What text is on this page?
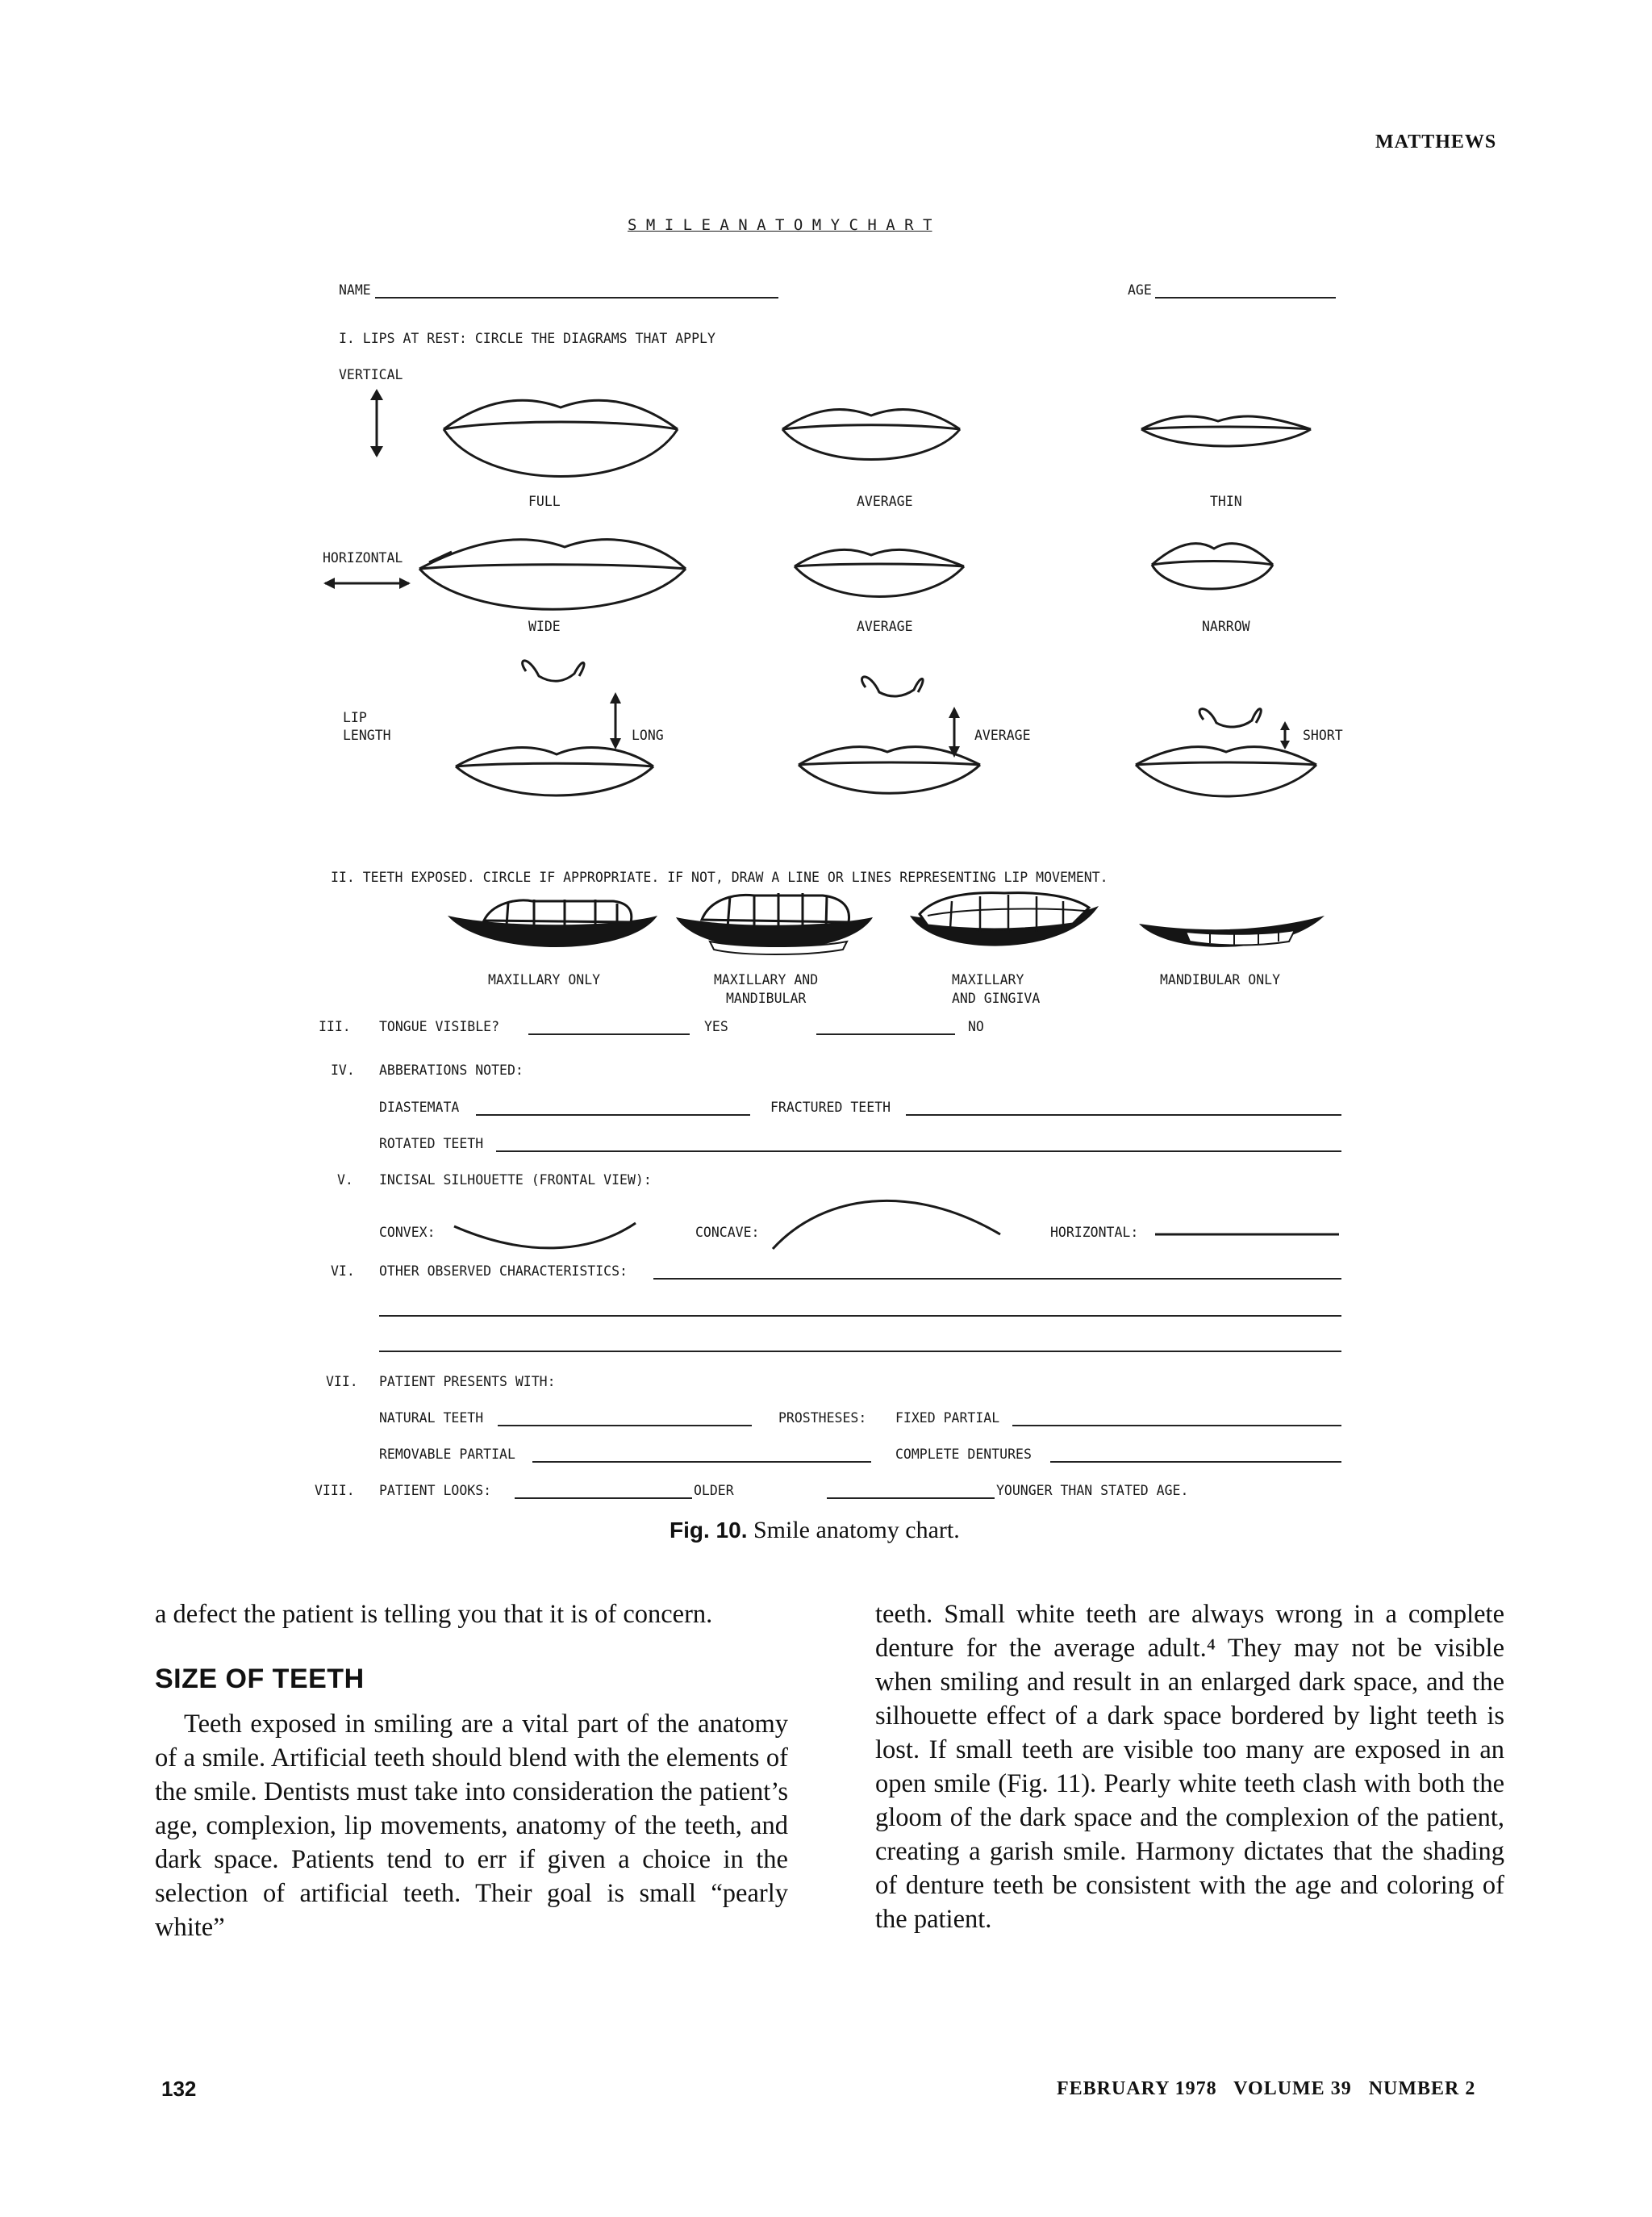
MATTHEWS
S M I L E A N A T O M Y C H A R T
NAME	AGE
I. LIPS AT REST: CIRCLE THE DIAGRAMS THAT APPLY
VERTICAL
HORIZONTAL
LIP
LENGTH
FULL	AVERAGE	THIN
WIDE	AVERAGE	NARROW
LONG	AVERAGE	SHORT
II. TEETH EXPOSED. CIRCLE IF APPROPRIATE. IF NOT, DRAW A LINE OR LINES REPRESENTING LIP MOVEMENT.
MAXILLARY ONLY	MAXILLARY AND
MANDIBULAR
MAXILLARY
AND GINGIVA
MANDIBULAR ONLY
III. TONGUE VISIBLE?	YES	NO
IV. ABBERATIONS NOTED:
DIASTEMATA	FRACTURED TEETH
ROTATED TEETH
V. INCISAL SILHOUETTE (FRONTAL VIEW):
CONVEX:	CONCAVE:	HORIZONTAL:
VI. OTHER OBSERVED CHARACTERISTICS:
VII. PATIENT PRESENTS WITH:
NATURAL TEETH	PROSTHESES: FIXED PARTIAL
REMOVABLE PARTIAL	COMPLETE DENTURES
VIII. PATIENT LOOKS:	OLDER	YOUNGER THAN STATED AGE.
Fig. 10. Smile anatomy chart.

a defect the patient is telling you that it is of concern.

SIZE OF TEETH

Teeth exposed in smiling are a vital part of the anatomy of a smile. Artificial teeth should blend with the elements of the smile. Dentists must take into consideration the patient’s age, complexion, lip movements, anatomy of the teeth, and dark space. Patients tend to err if given a choice in the selection of artificial teeth. Their goal is small “pearly white”

teeth. Small white teeth are always wrong in a complete denture for the average adult.⁴ They may not be visible when smiling and result in an enlarged dark space, and the silhouette effect of a dark space bordered by light teeth is lost. If small teeth are visible too many are exposed in an open smile (Fig. 11). Pearly white teeth clash with both the gloom of the dark space and the complexion of the patient, creating a garish smile. Harmony dictates that the shading of denture teeth be consistent with the age and coloring of the patient.

132	FEBRUARY 1978   VOLUME 39   NUMBER 2
